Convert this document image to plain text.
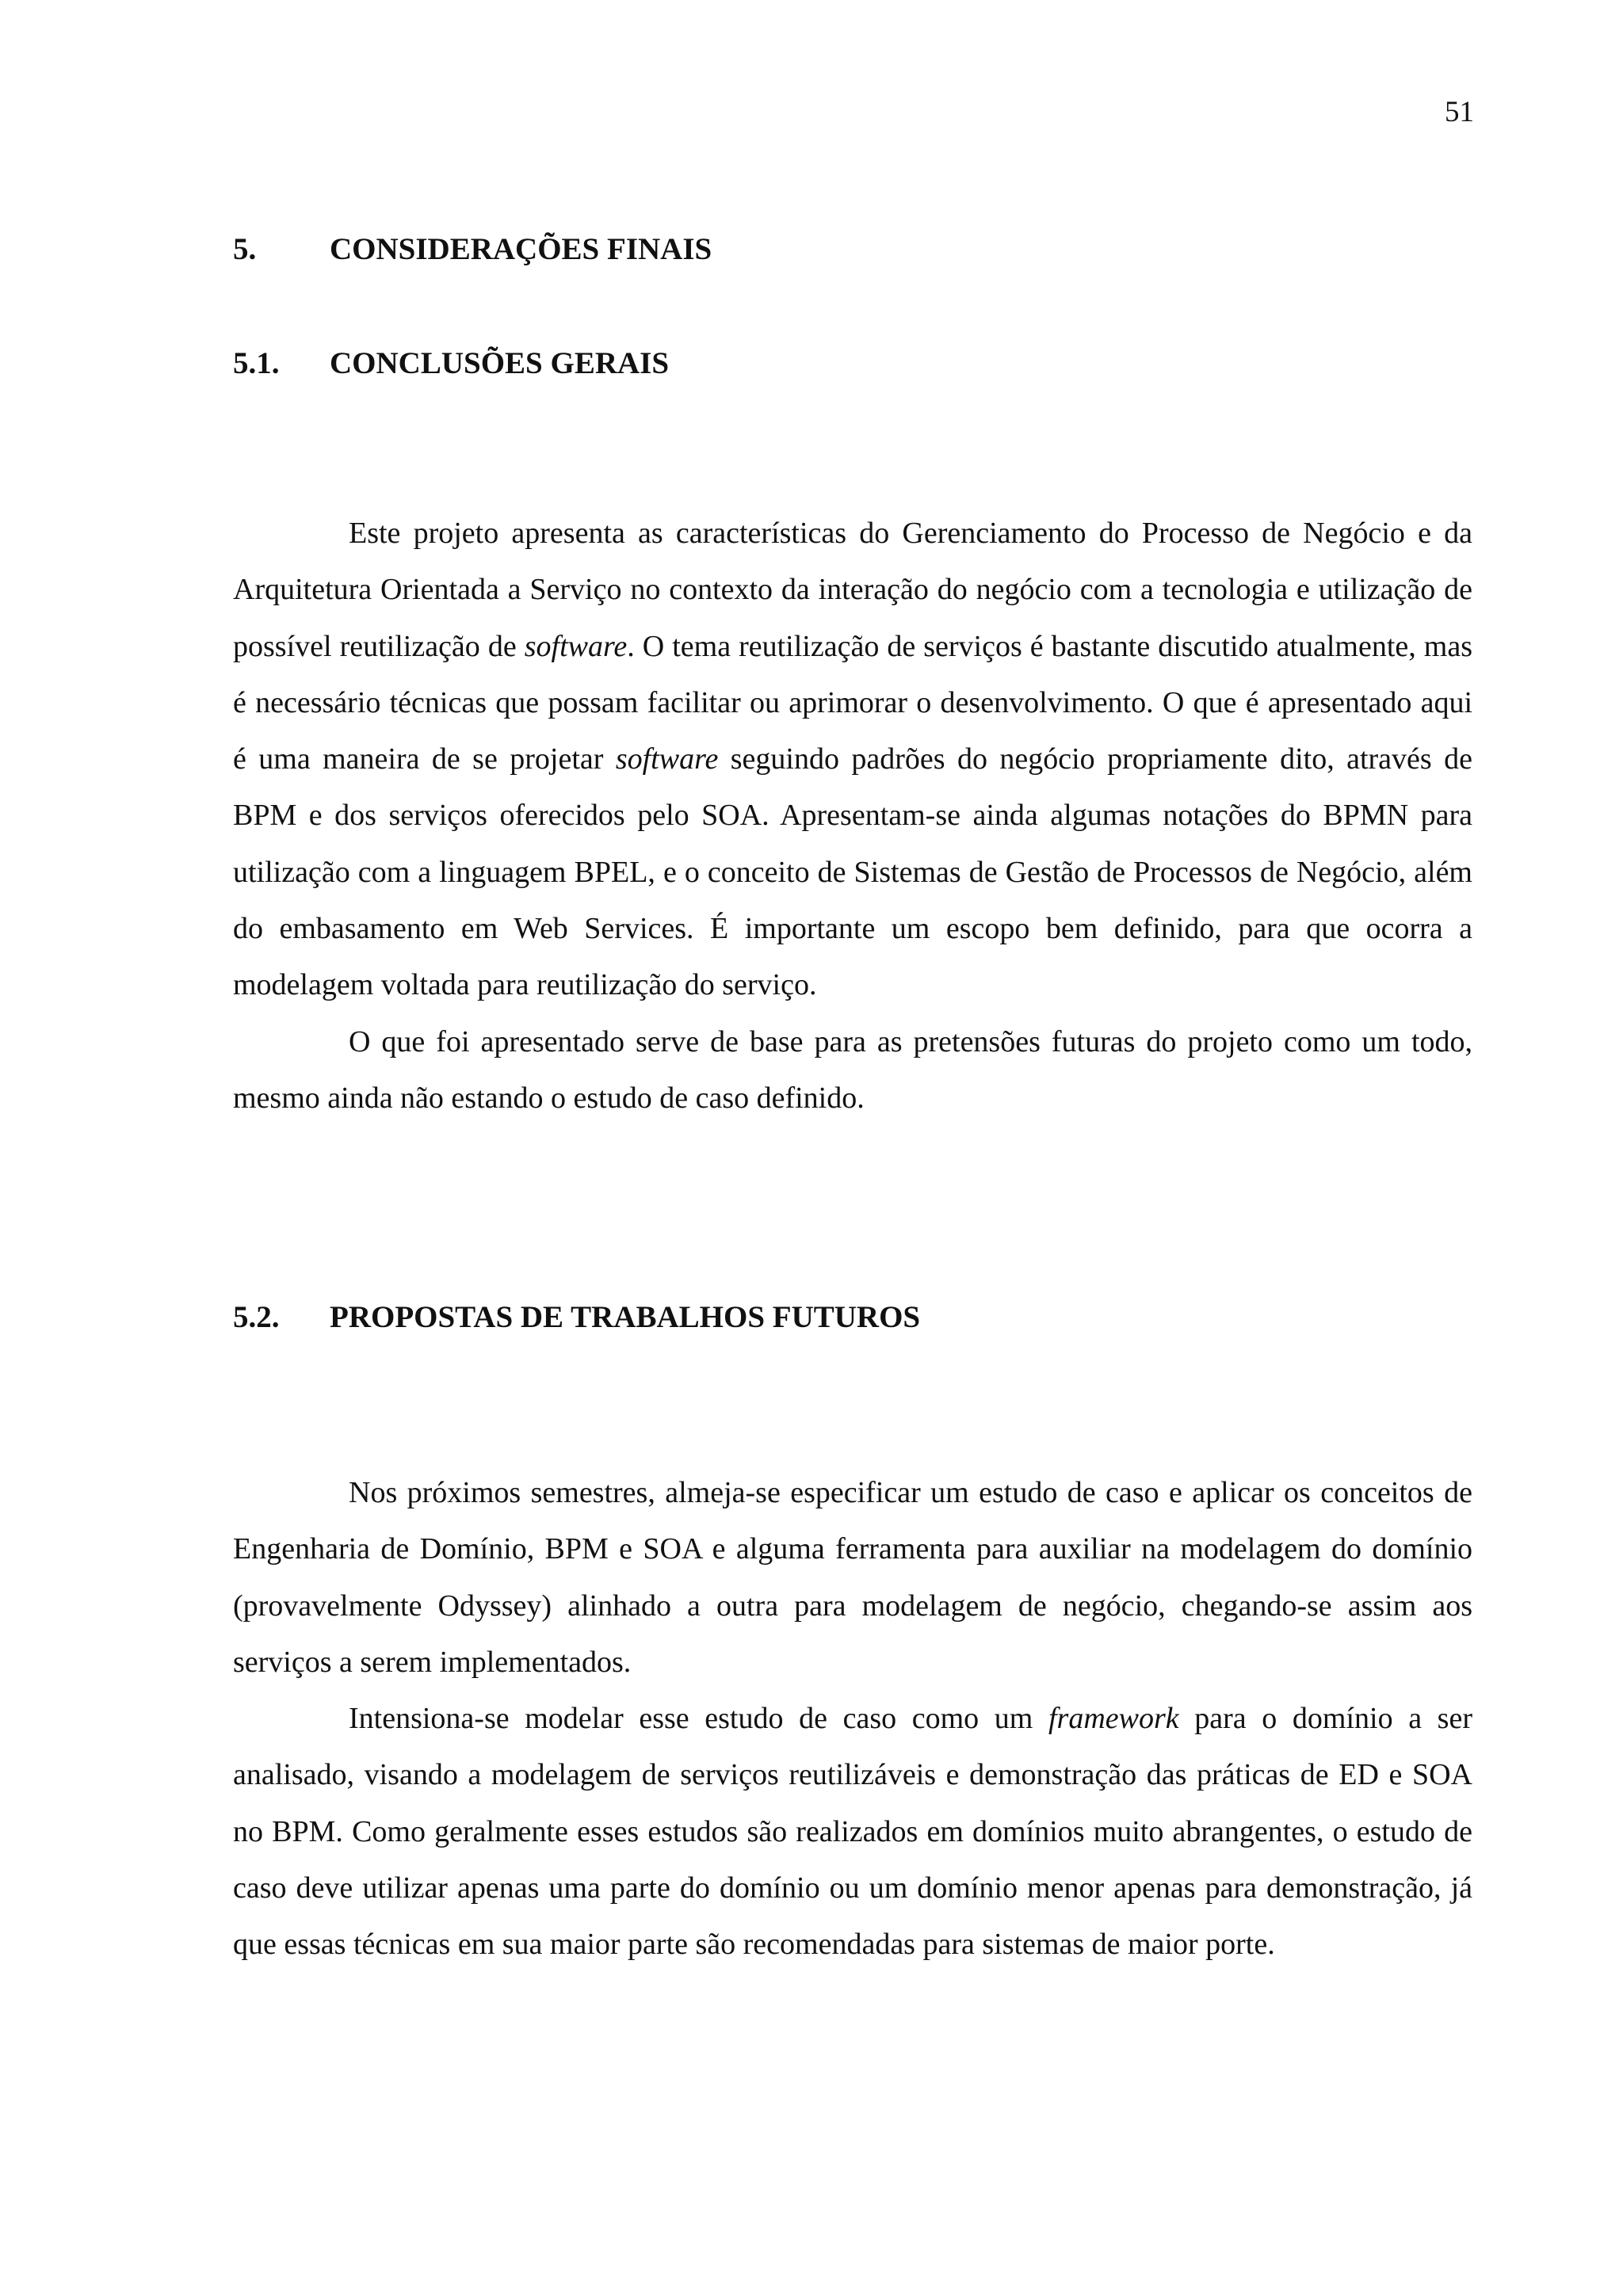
51
5. CONSIDERAÇÕES FINAIS
5.1. CONCLUSÕES GERAIS

Este projeto apresenta as características do Gerenciamento do Processo de Negócio e da Arquitetura Orientada a Serviço no contexto da interação do negócio com a tecnologia e utilização de possível reutilização de software. O tema reutilização de serviços é bastante discutido atualmente, mas é necessário técnicas que possam facilitar ou aprimorar o desenvolvimento. O que é apresentado aqui é uma maneira de se projetar software seguindo padrões do negócio propriamente dito, através de BPM e dos serviços oferecidos pelo SOA. Apresentam-se ainda algumas notações do BPMN para utilização com a linguagem BPEL, e o conceito de Sistemas de Gestão de Processos de Negócio, além do embasamento em Web Services. É importante um escopo bem definido, para que ocorra a modelagem voltada para reutilização do serviço.

O que foi apresentado serve de base para as pretensões futuras do projeto como um todo, mesmo ainda não estando o estudo de caso definido.

5.2. PROPOSTAS DE TRABALHOS FUTUROS

Nos próximos semestres, almeja-se especificar um estudo de caso e aplicar os conceitos de Engenharia de Domínio, BPM e SOA e alguma ferramenta para auxiliar na modelagem do domínio (provavelmente Odyssey) alinhado a outra para modelagem de negócio, chegando-se assim aos serviços a serem implementados.

Intensiona-se modelar esse estudo de caso como um framework para o domínio a ser analisado, visando a modelagem de serviços reutilizáveis e demonstração das práticas de ED e SOA no BPM. Como geralmente esses estudos são realizados em domínios muito abrangentes, o estudo de caso deve utilizar apenas uma parte do domínio ou um domínio menor apenas para demonstração, já que essas técnicas em sua maior parte são recomendadas para sistemas de maior porte.
